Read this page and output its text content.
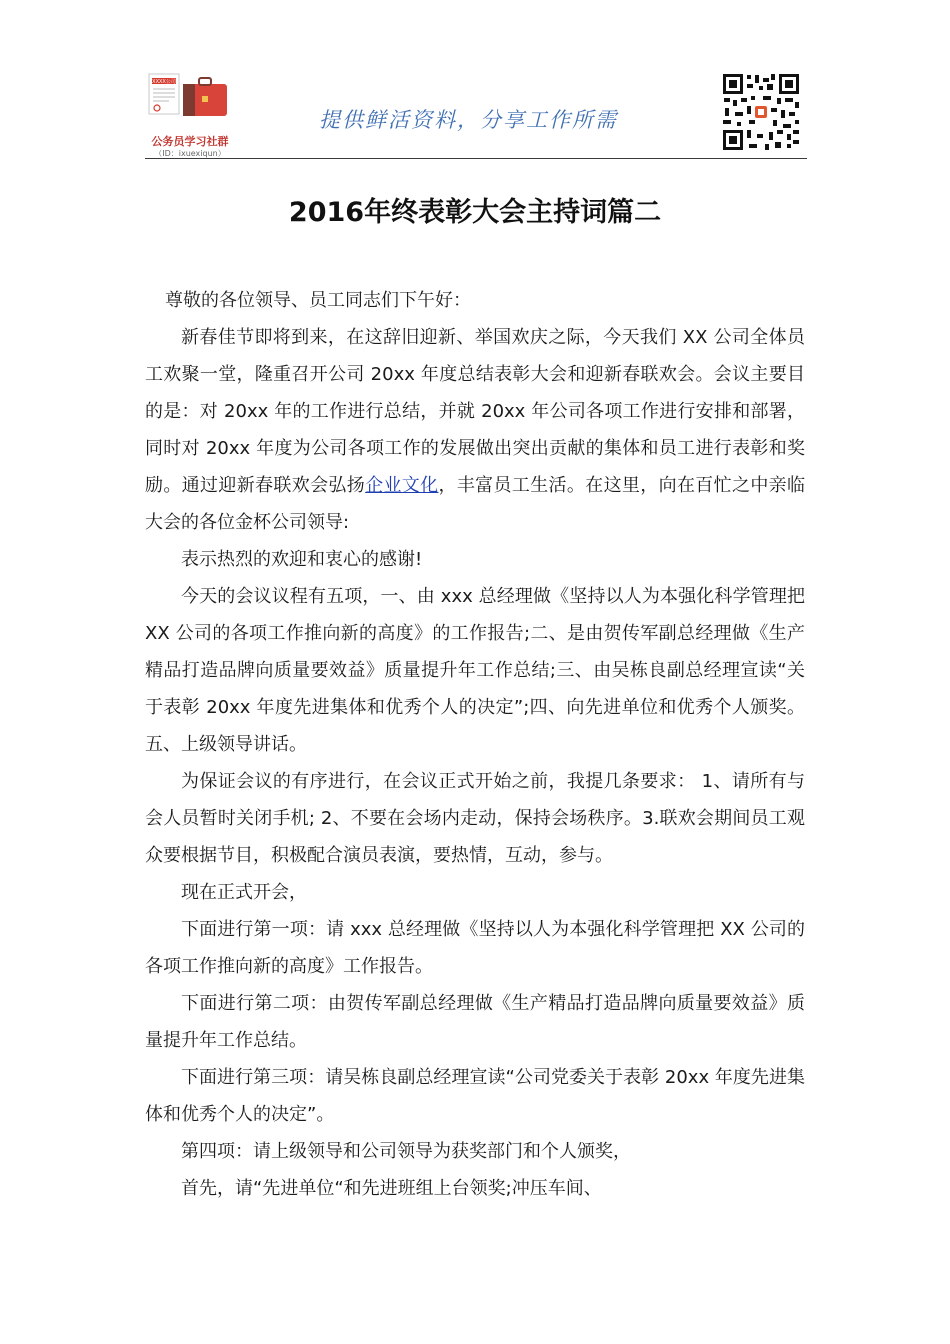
XXXX公司
公务员学习社群
（ID：ixuexiqun）
提供鲜活资料，分享工作所需
2016年终表彰大会主持词篇二

尊敬的各位领导、员工同志们下午好：

新春佳节即将到来，在这辞旧迎新、举国欢庆之际，今天我们 XX 公司全体员工欢聚一堂，隆重召开公司 20xx 年度总结表彰大会和迎新春联欢会。会议主要目的是：对 20xx 年的工作进行总结，并就 20xx 年公司各项工作进行安排和部署，同时对 20xx 年度为公司各项工作的发展做出突出贡献的集体和员工进行表彰和奖励。通过迎新春联欢会弘扬企业文化，丰富员工生活。在这里，向在百忙之中亲临大会的各位金杯公司领导:

表示热烈的欢迎和衷心的感谢!

今天的会议议程有五项，一、由 xxx 总经理做《坚持以人为本强化科学管理把 XX 公司的各项工作推向新的高度》的工作报告;二、是由贺传军副总经理做《生产精品打造品牌向质量要效益》质量提升年工作总结;三、由吴栋良副总经理宣读“关于表彰 20xx 年度先进集体和优秀个人的决定”;四、向先进单位和优秀个人颁奖。五、上级领导讲话。

为保证会议的有序进行，在会议正式开始之前，我提几条要求： 1、请所有与会人员暂时关闭手机; 2、不要在会场内走动，保持会场秩序。3.联欢会期间员工观众要根据节目，积极配合演员表演，要热情，互动，参与。

现在正式开会，

下面进行第一项：请 xxx 总经理做《坚持以人为本强化科学管理把 XX 公司的各项工作推向新的高度》工作报告。

下面进行第二项：由贺传军副总经理做《生产精品打造品牌向质量要效益》质量提升年工作总结。

下面进行第三项：请吴栋良副总经理宣读“公司党委关于表彰 20xx 年度先进集体和优秀个人的决定”。

第四项：请上级领导和公司领导为获奖部门和个人颁奖，

首先，请“先进单位“和先进班组上台领奖;冲压车间、
